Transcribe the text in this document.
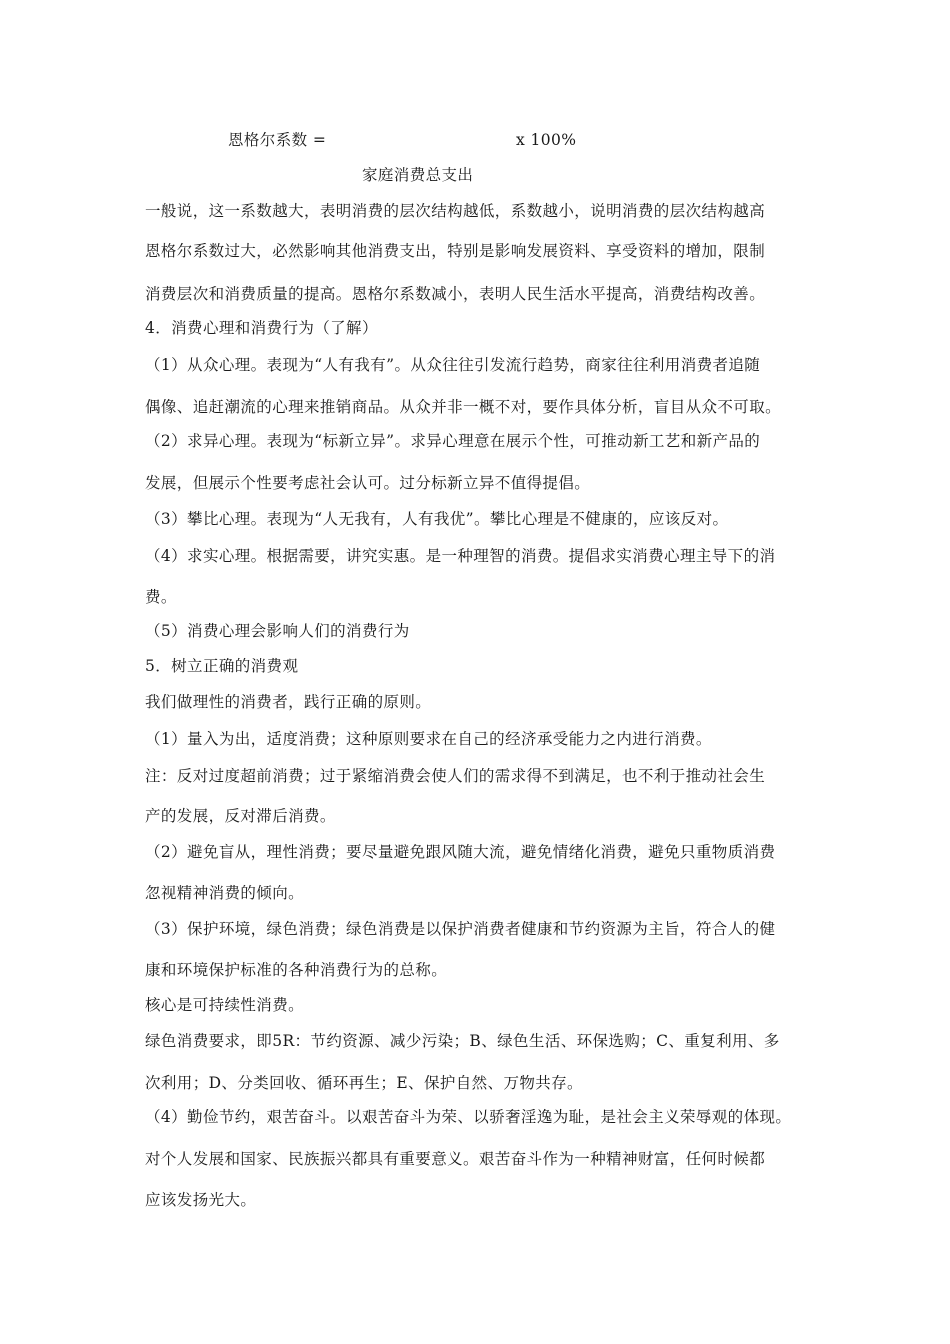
恩格尔系数 =	x 100%
家庭消费总支出
一般说，这一系数越大，表明消费的层次结构越低，系数越小，说明消费的层次结构越高
恩格尔系数过大，必然影响其他消费支出，特别是影响发展资料、享受资料的增加，限制
消费层次和消费质量的提高。恩格尔系数减小，表明人民生活水平提高，消费结构改善。
4．消费心理和消费行为（了解）
（1）从众心理。表现为“人有我有”。从众往往引发流行趋势，商家往往利用消费者追随
偶像、追赶潮流的心理来推销商品。从众并非一概不对，要作具体分析，盲目从众不可取。
（2）求异心理。表现为“标新立异”。求异心理意在展示个性，可推动新工艺和新产品的
发展，但展示个性要考虑社会认可。过分标新立异不值得提倡。
（3）攀比心理。表现为“人无我有，人有我优”。攀比心理是不健康的，应该反对。
（4）求实心理。根据需要，讲究实惠。是一种理智的消费。提倡求实消费心理主导下的消
费。
（5）消费心理会影响人们的消费行为
5．树立正确的消费观
我们做理性的消费者，践行正确的原则。
（1）量入为出，适度消费；这种原则要求在自己的经济承受能力之内进行消费。
注：反对过度超前消费；过于紧缩消费会使人们的需求得不到满足，也不利于推动社会生
产的发展，反对滞后消费。
（2）避免盲从，理性消费；要尽量避免跟风随大流，避免情绪化消费，避免只重物质消费
忽视精神消费的倾向。
（3）保护环境，绿色消费；绿色消费是以保护消费者健康和节约资源为主旨，符合人的健
康和环境保护标准的各种消费行为的总称。
核心是可持续性消费。
绿色消费要求，即5R：节约资源、减少污染；B、绿色生活、环保选购；C、重复利用、多
次利用；D、分类回收、循环再生；E、保护自然、万物共存。
（4）勤俭节约，艰苦奋斗。以艰苦奋斗为荣、以骄奢淫逸为耻，是社会主义荣辱观的体现。
对个人发展和国家、民族振兴都具有重要意义。艰苦奋斗作为一种精神财富，任何时候都
应该发扬光大。
